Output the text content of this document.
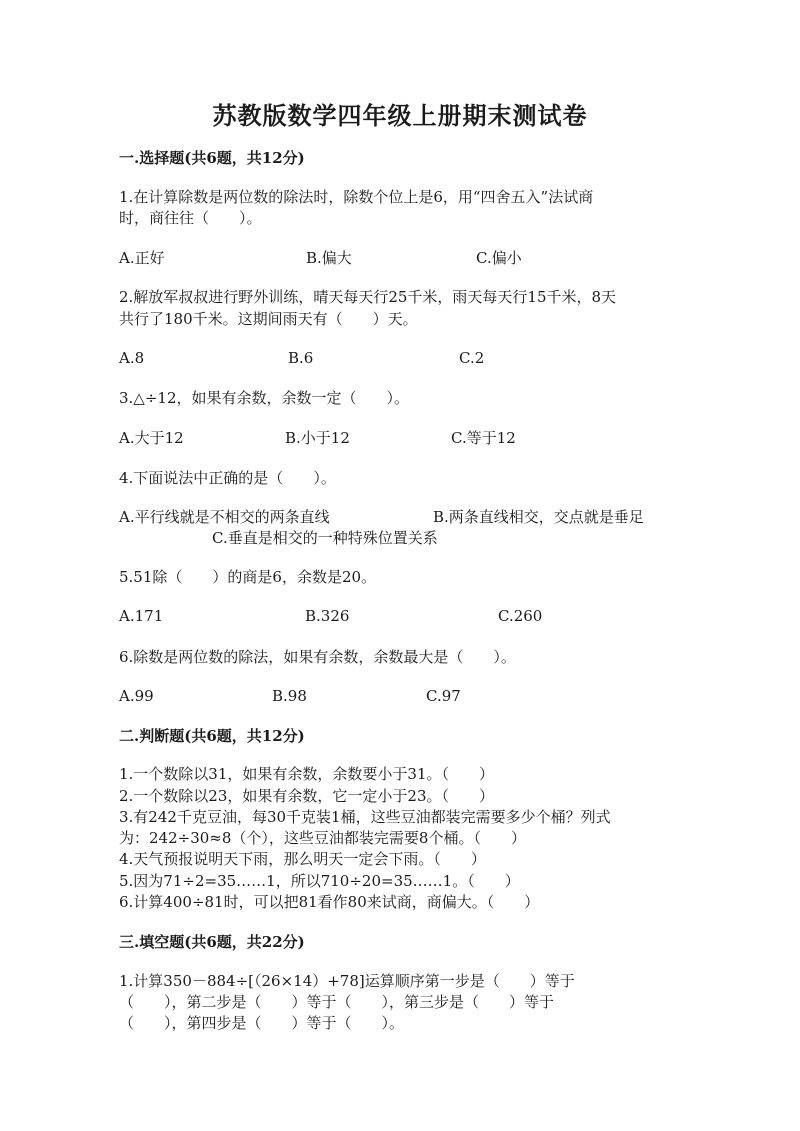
苏教版数学四年级上册期末测试卷
一.选择题(共6题，共12分)
1.在计算除数是两位数的除法时，除数个位上是6，用“四舍五入”法试商
时，商往往（　　）。
A.正好	B.偏大	C.偏小
2.解放军叔叔进行野外训练，晴天每天行25千米，雨天每天行15千米，8天
共行了180千米。这期间雨天有（　　）天。
A.8	B.6	C.2
3.△÷12，如果有余数，余数一定（　　）。
A.大于12	B.小于12	C.等于12
4.下面说法中正确的是（　　）。
A.平行线就是不相交的两条直线	B.两条直线相交，交点就是垂足
C.垂直是相交的一种特殊位置关系
5.51除（　　）的商是6，余数是20。
A.171	B.326	C.260
6.除数是两位数的除法，如果有余数，余数最大是（　　）。
A.99	B.98	C.97
二.判断题(共6题，共12分)
1.一个数除以31，如果有余数，余数要小于31。（　　）
2.一个数除以23，如果有余数，它一定小于23。（　　）
3.有242千克豆油，每30千克装1桶，这些豆油都装完需要多少个桶？列式
为：242÷30≈8（个），这些豆油都装完需要8个桶。（　　）
4.天气预报说明天下雨，那么明天一定会下雨。（　　）
5.因为71÷2=35……1，所以710÷20=35……1。（　　）
6.计算400÷81时，可以把81看作80来试商，商偏大。（　　）
三.填空题(共6题，共22分)
1.计算350－884÷[（26×14）+78]运算顺序第一步是（　　）等于
（　　），第二步是（　　）等于（　　），第三步是（　　）等于
（　　），第四步是（　　）等于（　　）。
